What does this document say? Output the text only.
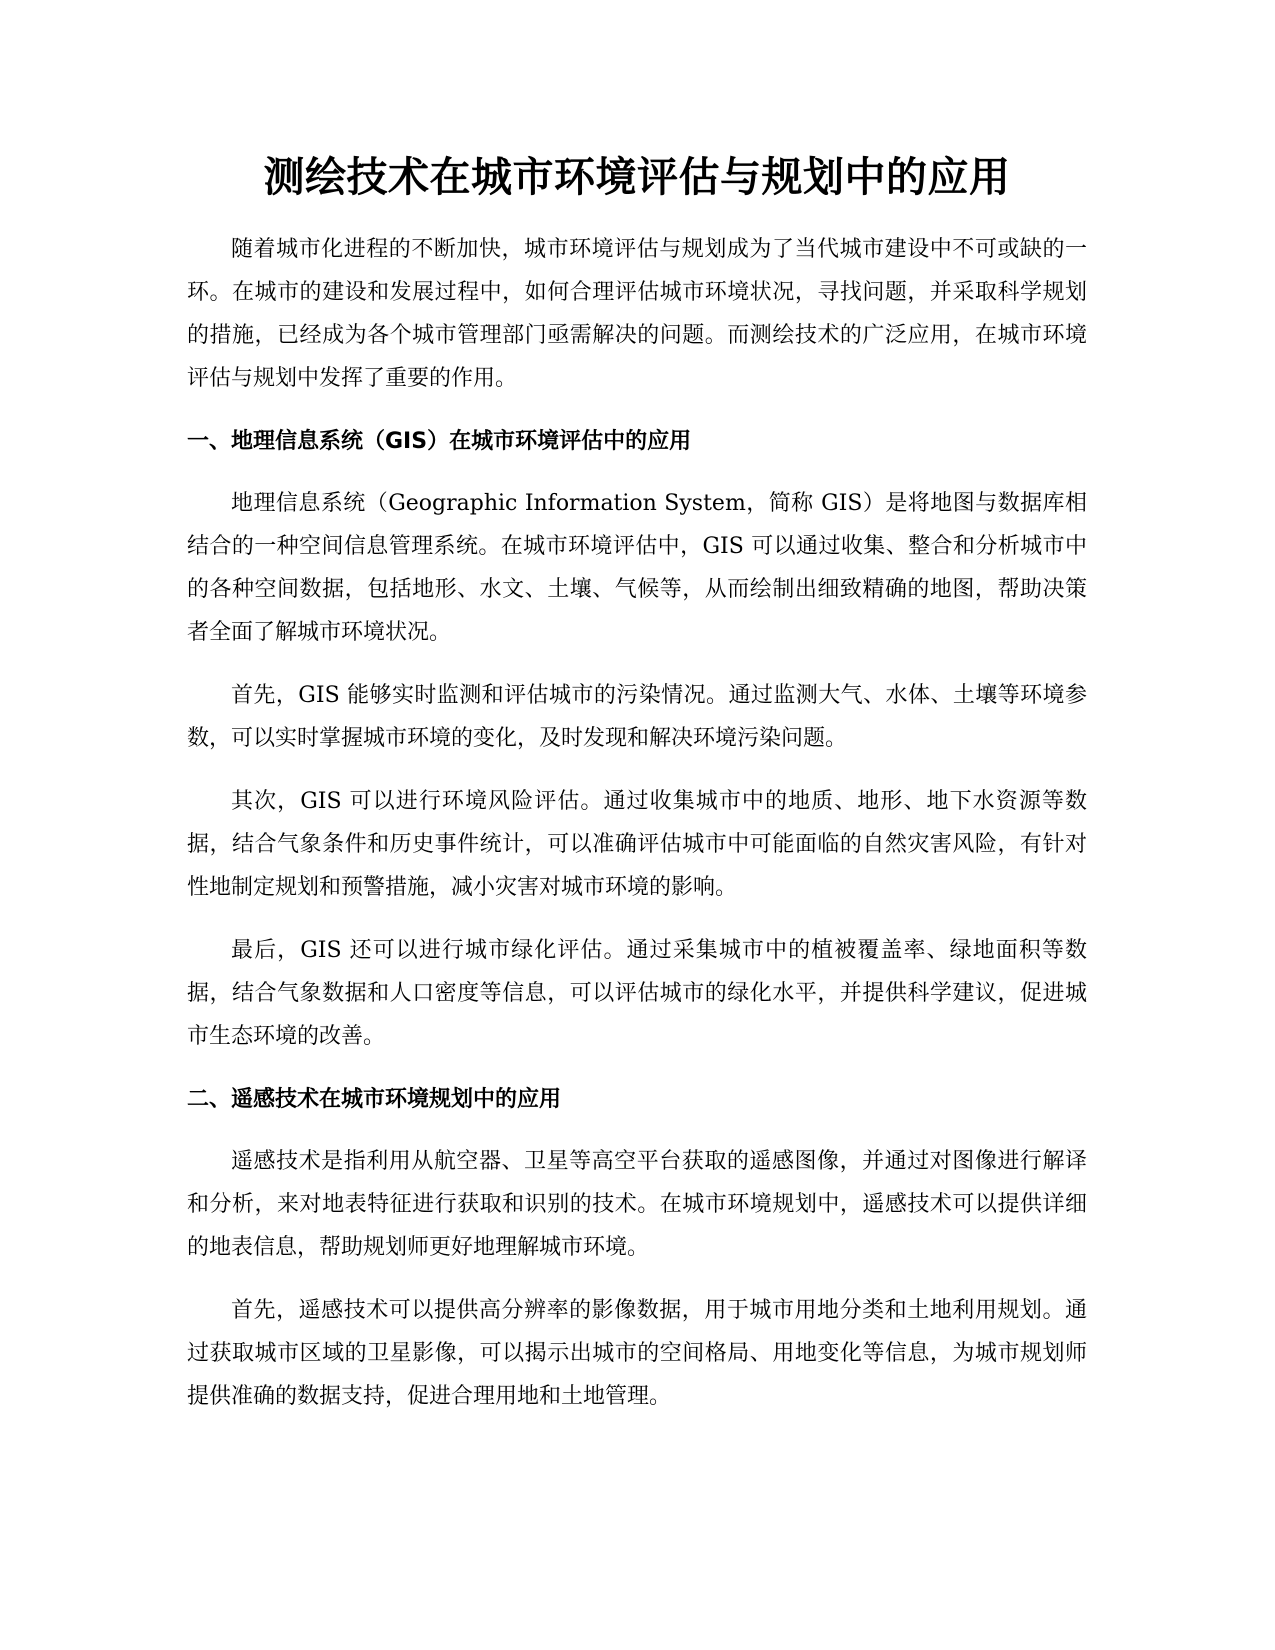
测绘技术在城市环境评估与规划中的应用

随着城市化进程的不断加快，城市环境评估与规划成为了当代城市建设中不可或缺的一环。在城市的建设和发展过程中，如何合理评估城市环境状况，寻找问题，并采取科学规划的措施，已经成为各个城市管理部门亟需解决的问题。而测绘技术的广泛应用，在城市环境评估与规划中发挥了重要的作用。

一、地理信息系统（GIS）在城市环境评估中的应用

地理信息系统（Geographic Information System，简称 GIS）是将地图与数据库相结合的一种空间信息管理系统。在城市环境评估中，GIS 可以通过收集、整合和分析城市中的各种空间数据，包括地形、水文、土壤、气候等，从而绘制出细致精确的地图，帮助决策者全面了解城市环境状况。

首先，GIS 能够实时监测和评估城市的污染情况。通过监测大气、水体、土壤等环境参数，可以实时掌握城市环境的变化，及时发现和解决环境污染问题。

其次，GIS 可以进行环境风险评估。通过收集城市中的地质、地形、地下水资源等数据，结合气象条件和历史事件统计，可以准确评估城市中可能面临的自然灾害风险，有针对性地制定规划和预警措施，减小灾害对城市环境的影响。

最后，GIS 还可以进行城市绿化评估。通过采集城市中的植被覆盖率、绿地面积等数据，结合气象数据和人口密度等信息，可以评估城市的绿化水平，并提供科学建议，促进城市生态环境的改善。

二、遥感技术在城市环境规划中的应用

遥感技术是指利用从航空器、卫星等高空平台获取的遥感图像，并通过对图像进行解译和分析，来对地表特征进行获取和识别的技术。在城市环境规划中，遥感技术可以提供详细的地表信息，帮助规划师更好地理解城市环境。

首先，遥感技术可以提供高分辨率的影像数据，用于城市用地分类和土地利用规划。通过获取城市区域的卫星影像，可以揭示出城市的空间格局、用地变化等信息，为城市规划师提供准确的数据支持，促进合理用地和土地管理。
